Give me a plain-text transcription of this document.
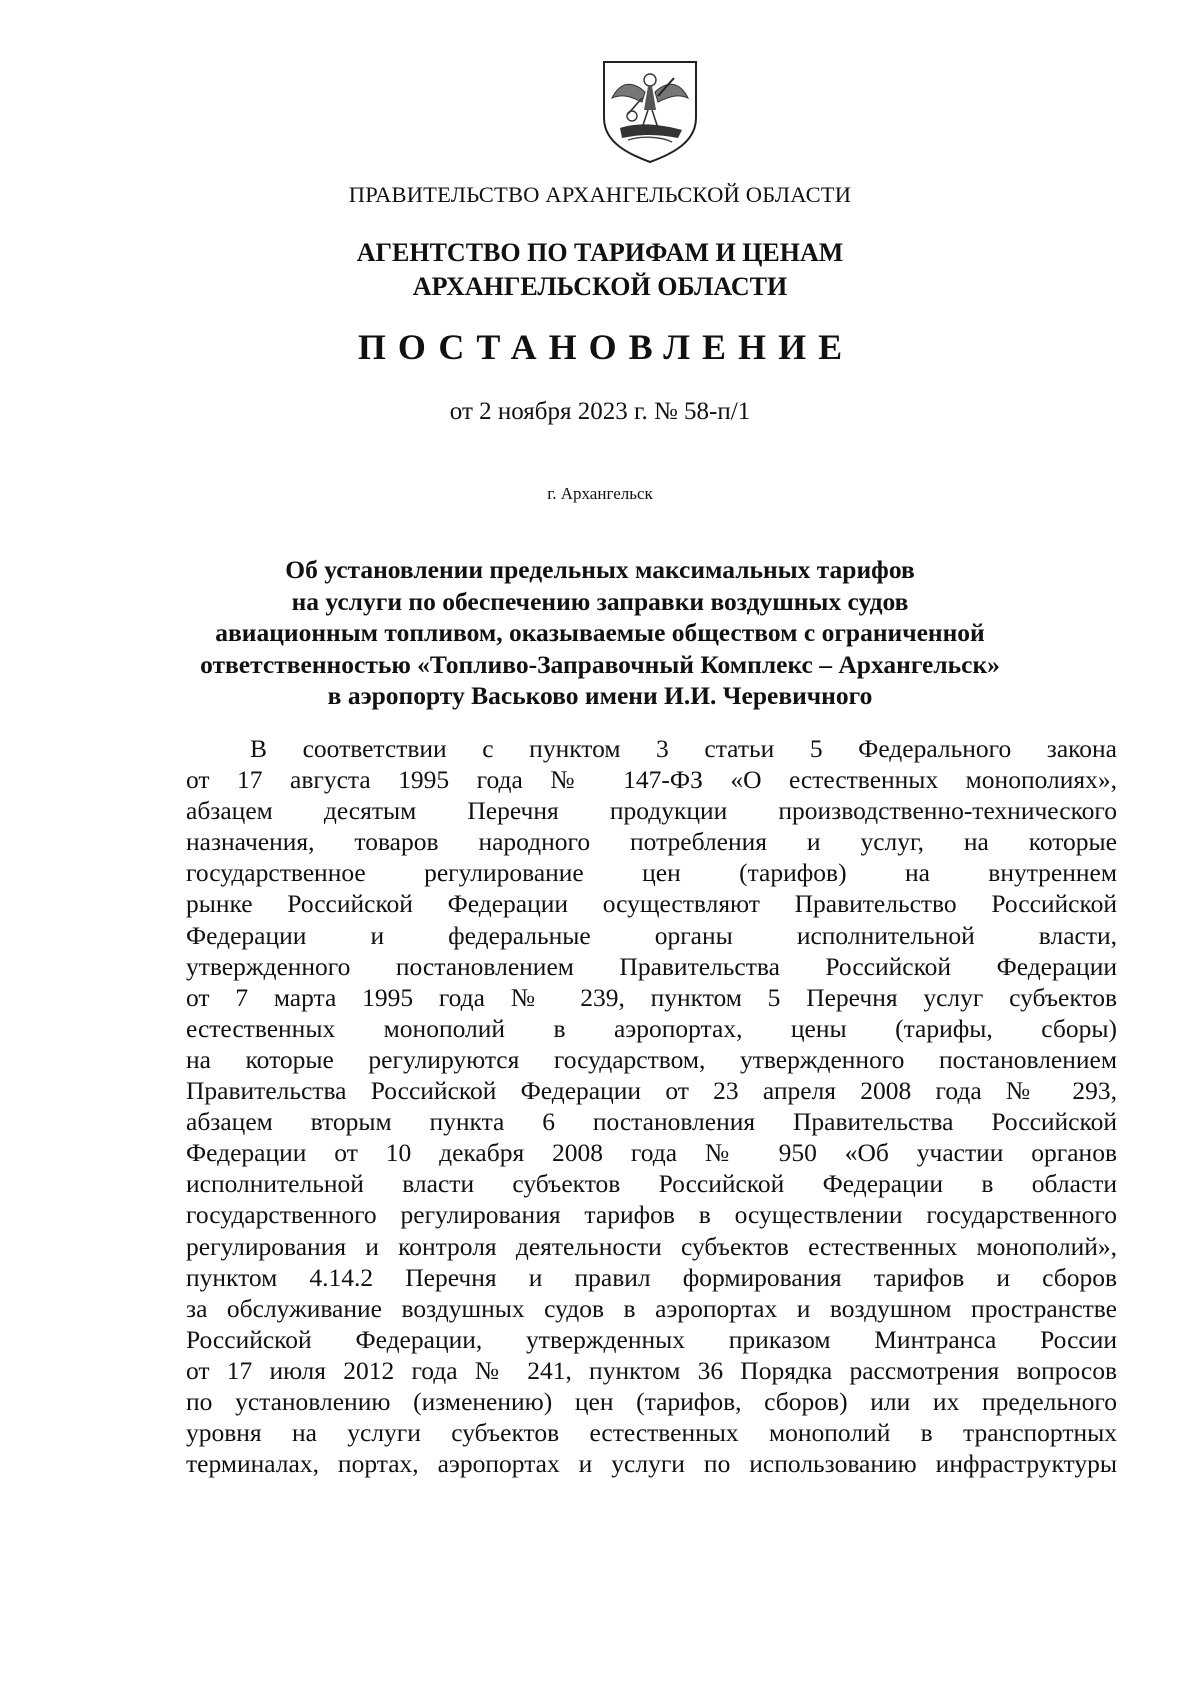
ПРАВИТЕЛЬСТВО АРХАНГЕЛЬСКОЙ ОБЛАСТИ
АГЕНТСТВО ПО ТАРИФАМ И ЦЕНАМ
АРХАНГЕЛЬСКОЙ ОБЛАСТИ
ПОСТАНОВЛЕНИЕ
от 2 ноября 2023 г. № 58-п/1
г. Архангельск
Об установлении предельных максимальных тарифов
на услуги по обеспечению заправки воздушных судов
авиационным топливом, оказываемые обществом с ограниченной
ответственностью «Топливо-Заправочный Комплекс – Архангельск»
в аэропорту Васьково имени И.И. Черевичного
В соответствии с пунктом 3 статьи 5 Федерального закона
от 17 августа 1995 года № 147-ФЗ «О естественных монополиях»,
абзацем десятым Перечня продукции производственно-технического
назначения, товаров народного потребления и услуг, на которые
государственное регулирование цен (тарифов) на внутреннем
рынке Российской Федерации осуществляют Правительство Российской
Федерации и федеральные органы исполнительной власти,
утвержденного постановлением Правительства Российской Федерации
от 7 марта 1995 года № 239, пунктом 5 Перечня услуг субъектов
естественных монополий в аэропортах, цены (тарифы, сборы)
на которые регулируются государством, утвержденного постановлением
Правительства Российской Федерации от 23 апреля 2008 года № 293,
абзацем вторым пункта 6 постановления Правительства Российской
Федерации от 10 декабря 2008 года № 950 «Об участии органов
исполнительной власти субъектов Российской Федерации в области
государственного регулирования тарифов в осуществлении государственного
регулирования и контроля деятельности субъектов естественных монополий»,
пунктом 4.14.2 Перечня и правил формирования тарифов и сборов
за обслуживание воздушных судов в аэропортах и воздушном пространстве
Российской Федерации, утвержденных приказом Минтранса России
от 17 июля 2012 года № 241, пунктом 36 Порядка рассмотрения вопросов
по установлению (изменению) цен (тарифов, сборов) или их предельного
уровня на услуги субъектов естественных монополий в транспортных
терминалах, портах, аэропортах и услуги по использованию инфраструктуры
